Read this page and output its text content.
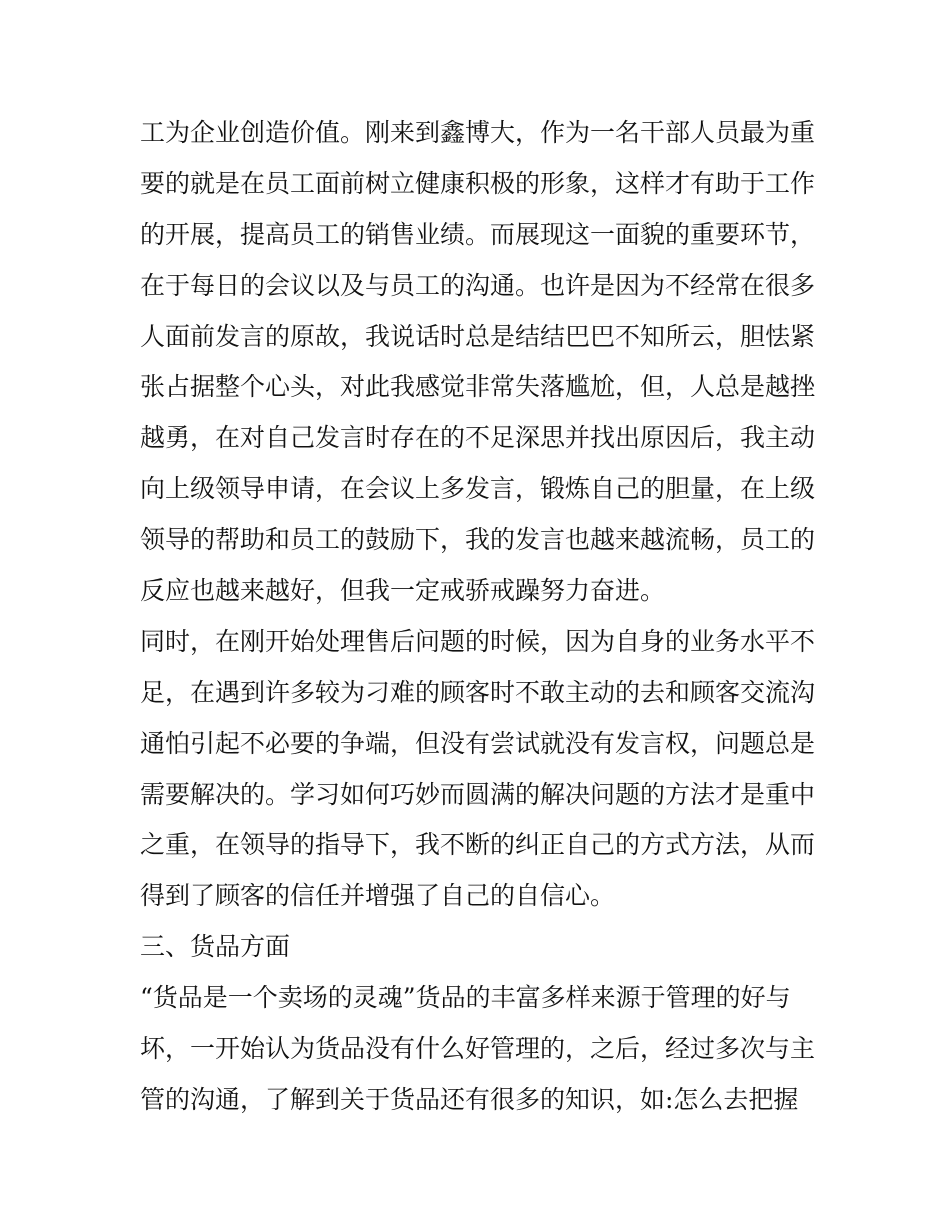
工为企业创造价值。刚来到鑫博大，作为一名干部人员最为重
要的就是在员工面前树立健康积极的形象，这样才有助于工作
的开展，提高员工的销售业绩。而展现这一面貌的重要环节，
在于每日的会议以及与员工的沟通。也许是因为不经常在很多
人面前发言的原故，我说话时总是结结巴巴不知所云，胆怯紧
张占据整个心头，对此我感觉非常失落尴尬，但，人总是越挫
越勇，在对自己发言时存在的不足深思并找出原因后，我主动
向上级领导申请，在会议上多发言，锻炼自己的胆量，在上级
领导的帮助和员工的鼓励下，我的发言也越来越流畅，员工的
反应也越来越好，但我一定戒骄戒躁努力奋进。
同时，在刚开始处理售后问题的时候，因为自身的业务水平不
足，在遇到许多较为刁难的顾客时不敢主动的去和顾客交流沟
通怕引起不必要的争端，但没有尝试就没有发言权，问题总是
需要解决的。学习如何巧妙而圆满的解决问题的方法才是重中
之重，在领导的指导下，我不断的纠正自己的方式方法，从而
得到了顾客的信任并增强了自己的自信心。
三、货品方面
“货品是一个卖场的灵魂”货品的丰富多样来源于管理的好与
坏，一开始认为货品没有什么好管理的，之后，经过多次与主
管的沟通，了解到关于货品还有很多的知识，如:怎么去把握
